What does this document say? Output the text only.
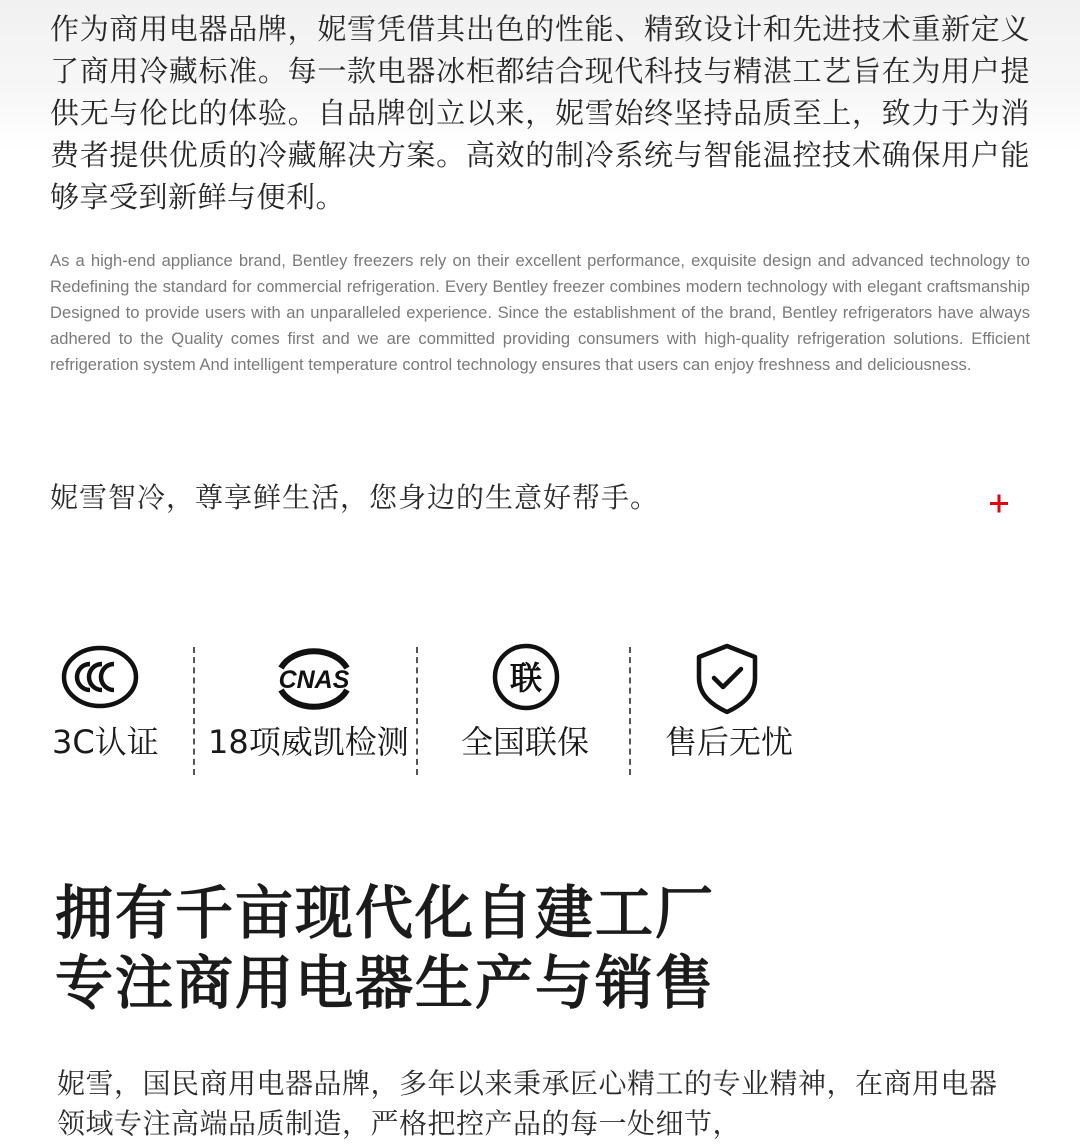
作为商用电器品牌，妮雪凭借其出色的性能、精致设计和先进技术重新定义了商用冷藏标准。每一款电器冰柜都结合现代科技与精湛工艺旨在为用户提供无与伦比的体验。自品牌创立以来，妮雪始终坚持品质至上，致力于为消费者提供优质的冷藏解决方案。高效的制冷系统与智能温控技术确保用户能够享受到新鲜与便利。

As a high-end appliance brand, Bentley freezers rely on their excellent performance, exquisite design and advanced technology to Redefining the standard for commercial refrigeration. Every Bentley freezer combines modern technology with elegant craftsmanship Designed to provide users with an unparalleled experience. Since the establishment of the brand, Bentley refrigerators have always adhered to the Quality comes first and we are committed providing consumers with high-quality refrigeration solutions. Efficient refrigeration system And intelligent temperature control technology ensures that users can enjoy freshness and deliciousness.

妮雪智冷，尊享鲜生活，您身边的生意好帮手。

CCC
3C认证
CNAS
18项威凯检测
联
全国联保 售后无忧
拥有千亩现代化自建工厂
专注商用电器生产与销售

妮雪，国民商用电器品牌，多年以来秉承匠心精工的专业精神，在商用电器领域专注高端品质制造，严格把控产品的每一处细节，
